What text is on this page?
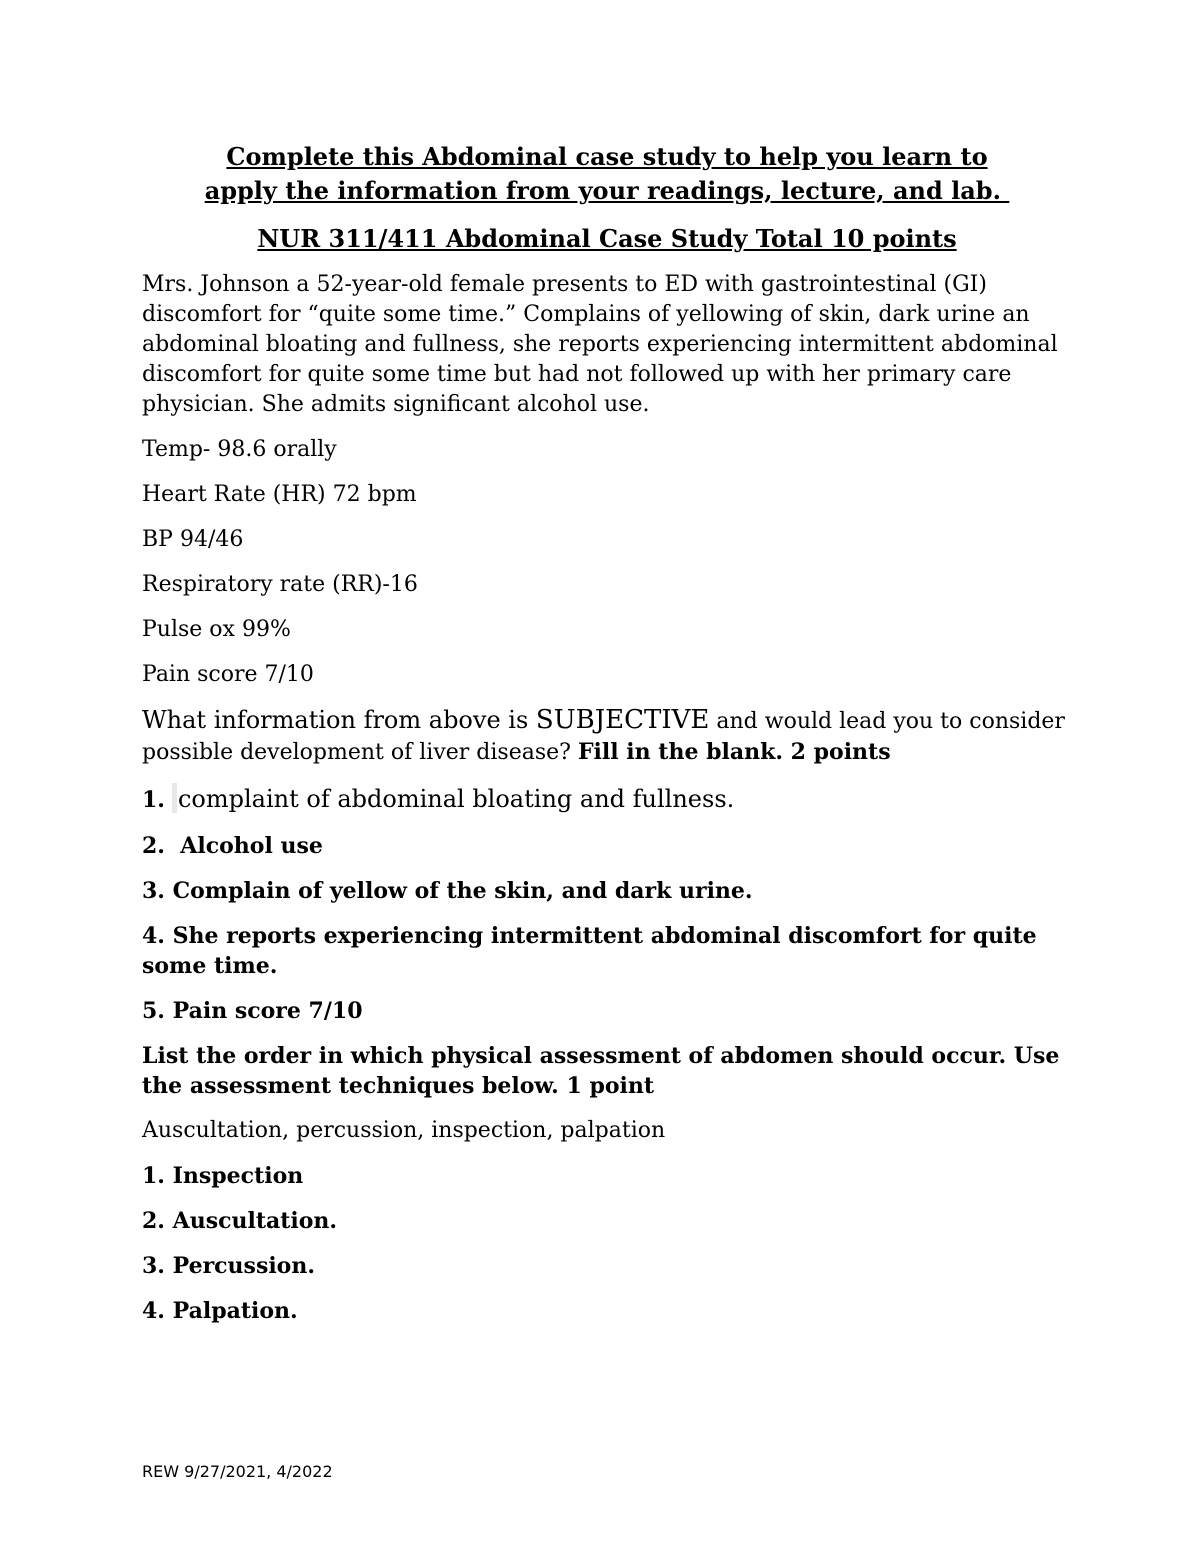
Complete this Abdominal case study to help you learn to
apply the information from your readings, lecture, and lab.
NUR 311/411 Abdominal Case Study Total 10 points
Mrs. Johnson a 52-year-old female presents to ED with gastrointestinal (GI) discomfort for “quite some time.” Complains of yellowing of skin, dark urine an abdominal bloating and fullness, she reports experiencing intermittent abdominal discomfort for quite some time but had not followed up with her primary care physician. She admits significant alcohol use.
Temp- 98.6 orally
Heart Rate (HR) 72 bpm
BP 94/46
Respiratory rate (RR)-16
Pulse ox 99%
Pain score 7/10
What information from above is SUBJECTIVE and would lead you to consider possible development of liver disease? Fill in the blank. 2 points
1. complaint of abdominal bloating and fullness.
2.  Alcohol use
3. Complain of yellow of the skin, and dark urine.
4. She reports experiencing intermittent abdominal discomfort for quite some time.
5. Pain score 7/10
List the order in which physical assessment of abdomen should occur. Use the assessment techniques below. 1 point
Auscultation, percussion, inspection, palpation
1. Inspection
2. Auscultation.
3. Percussion.
4. Palpation.
REW 9/27/2021, 4/2022
